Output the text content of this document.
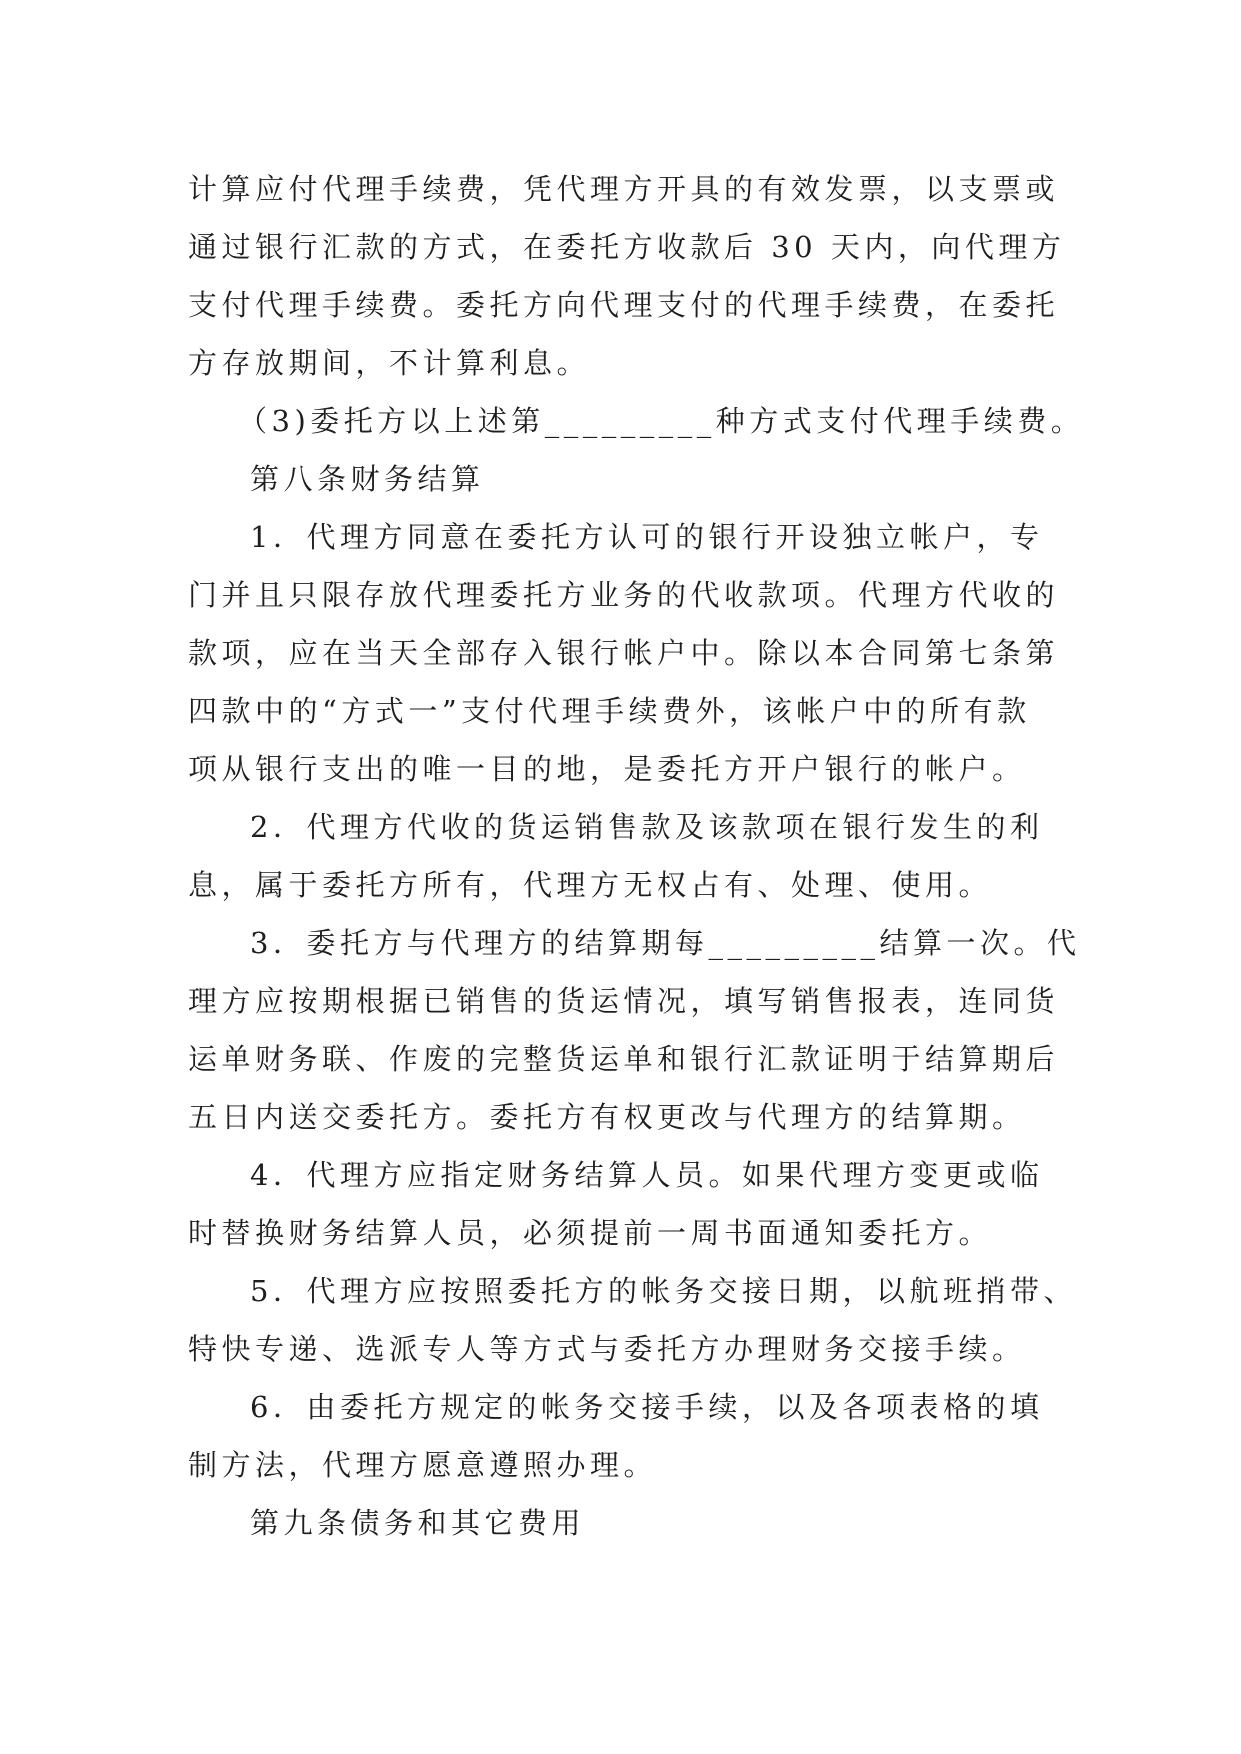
计算应付代理手续费，凭代理方开具的有效发票，以支票或
通过银行汇款的方式，在委托方收款后 30 天内，向代理方
支付代理手续费。委托方向代理支付的代理手续费，在委托
方存放期间，不计算利息。
（3)委托方以上述第_________种方式支付代理手续费。
第八条财务结算
1．代理方同意在委托方认可的银行开设独立帐户，专
门并且只限存放代理委托方业务的代收款项。代理方代收的
款项，应在当天全部存入银行帐户中。除以本合同第七条第
四款中的“方式一”支付代理手续费外，该帐户中的所有款
项从银行支出的唯一目的地，是委托方开户银行的帐户。
2．代理方代收的货运销售款及该款项在银行发生的利
息，属于委托方所有，代理方无权占有、处理、使用。
3．委托方与代理方的结算期每_________结算一次。代
理方应按期根据已销售的货运情况，填写销售报表，连同货
运单财务联、作废的完整货运单和银行汇款证明于结算期后
五日内送交委托方。委托方有权更改与代理方的结算期。
4．代理方应指定财务结算人员。如果代理方变更或临
时替换财务结算人员，必须提前一周书面通知委托方。
5．代理方应按照委托方的帐务交接日期，以航班捎带、
特快专递、选派专人等方式与委托方办理财务交接手续。
6．由委托方规定的帐务交接手续，以及各项表格的填
制方法，代理方愿意遵照办理。
第九条债务和其它费用
